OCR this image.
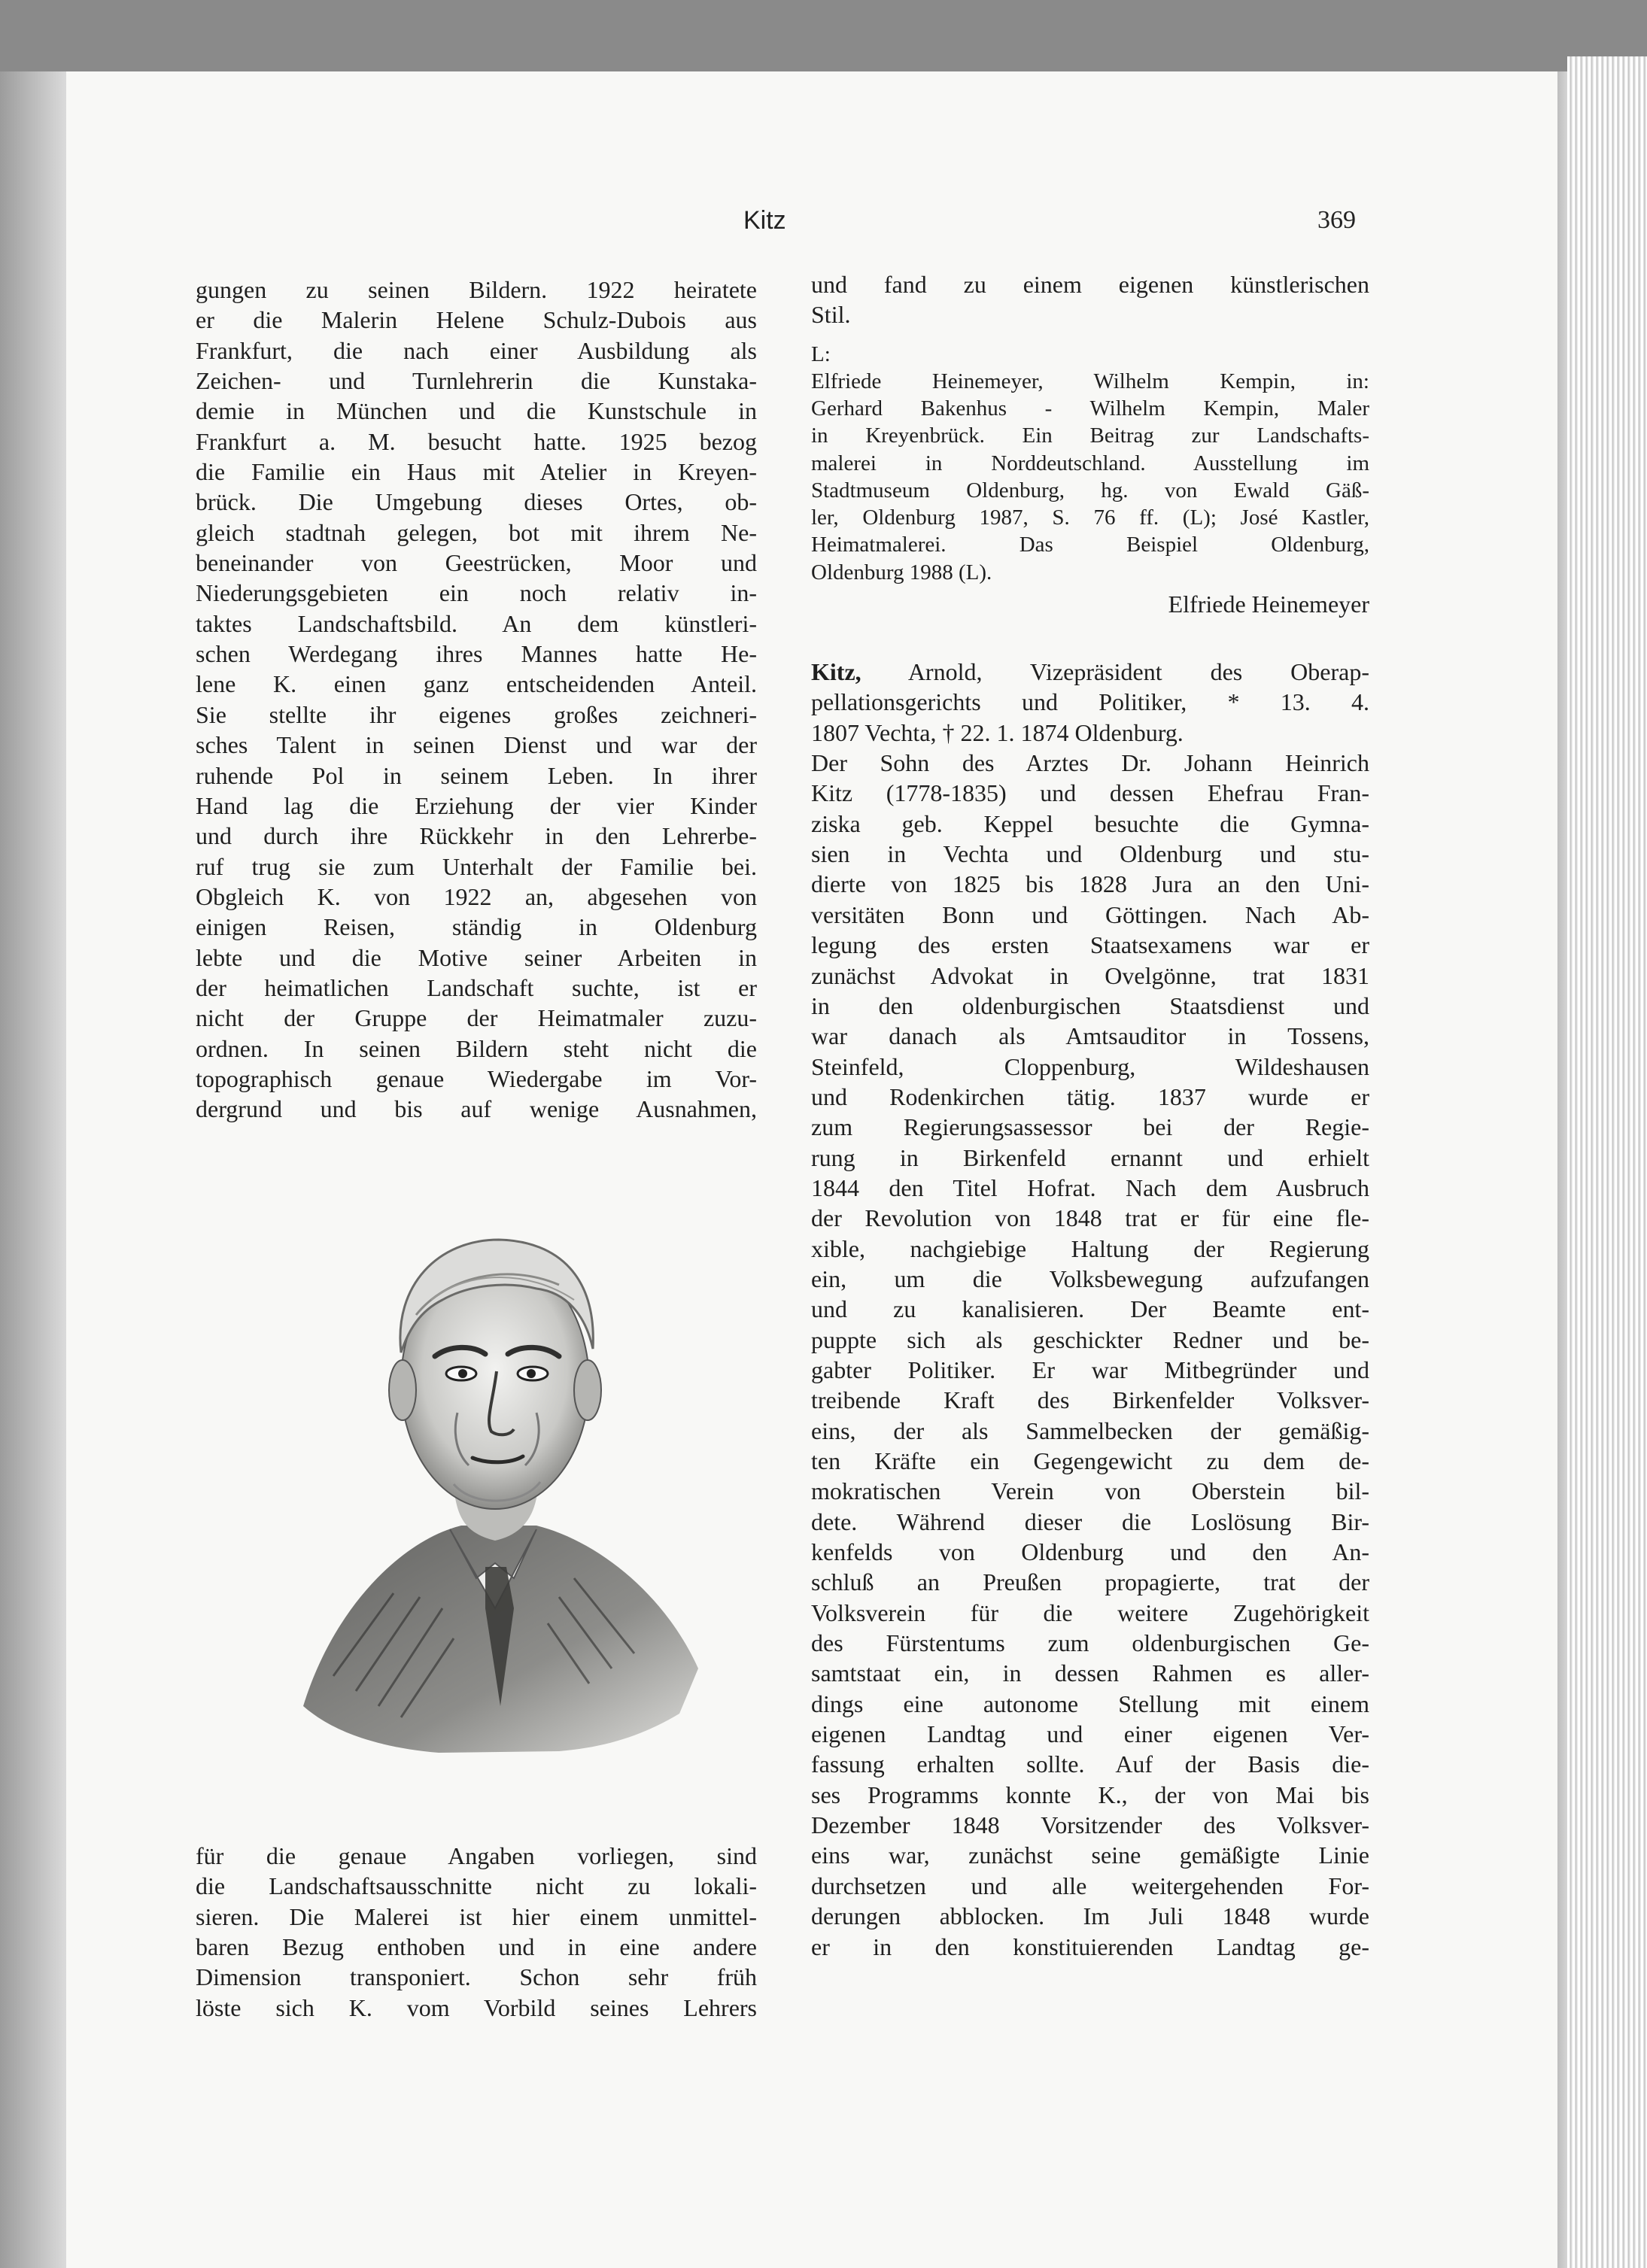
Kitz	369

gungen zu seinen Bildern. 1922 heiratete

er die Malerin Helene Schulz-Dubois aus

Frankfurt, die nach einer Ausbildung als

Zeichen- und Turnlehrerin die Kunstaka-

demie in München und die Kunstschule in

Frankfurt a. M. besucht hatte. 1925 bezog

die Familie ein Haus mit Atelier in Kreyen-

brück. Die Umgebung dieses Ortes, ob-

gleich stadtnah gelegen, bot mit ihrem Ne-

beneinander von Geestrücken, Moor und

Niederungsgebieten ein noch relativ in-

taktes Landschaftsbild. An dem künstleri-

schen Werdegang ihres Mannes hatte He-

lene K. einen ganz entscheidenden Anteil.

Sie stellte ihr eigenes großes zeichneri-

sches Talent in seinen Dienst und war der

ruhende Pol in seinem Leben. In ihrer

Hand lag die Erziehung der vier Kinder

und durch ihre Rückkehr in den Lehrerbe-

ruf trug sie zum Unterhalt der Familie bei.

Obgleich K. von 1922 an, abgesehen von

einigen Reisen, ständig in Oldenburg

lebte und die Motive seiner Arbeiten in

der heimatlichen Landschaft suchte, ist er

nicht der Gruppe der Heimatmaler zuzu-

ordnen. In seinen Bildern steht nicht die

topographisch genaue Wiedergabe im Vor-

dergrund und bis auf wenige Ausnahmen,

für die genaue Angaben vorliegen, sind

die Landschaftsausschnitte nicht zu lokali-

sieren. Die Malerei ist hier einem unmittel-

baren Bezug enthoben und in eine andere

Dimension transponiert. Schon sehr früh

löste sich K. vom Vorbild seines Lehrers

und fand zu einem eigenen künstlerischen

Stil.

L:

Elfriede Heinemeyer, Wilhelm Kempin, in:

Gerhard Bakenhus - Wilhelm Kempin, Maler

in Kreyenbrück. Ein Beitrag zur Landschafts-

malerei in Norddeutschland. Ausstellung im

Stadtmuseum Oldenburg, hg. von Ewald Gäß-

ler, Oldenburg 1987, S. 76 ff. (L); José Kastler,

Heimatmalerei. Das Beispiel Oldenburg,

Oldenburg 1988 (L).

Elfriede Heinemeyer

Kitz, Arnold, Vizepräsident des Oberap-

pellationsgerichts und Politiker, * 13. 4.

1807 Vechta, † 22. 1. 1874 Oldenburg.

Der Sohn des Arztes Dr. Johann Heinrich

Kitz (1778-1835) und dessen Ehefrau Fran-

ziska geb. Keppel besuchte die Gymna-

sien in Vechta und Oldenburg und stu-

dierte von 1825 bis 1828 Jura an den Uni-

versitäten Bonn und Göttingen. Nach Ab-

legung des ersten Staatsexamens war er

zunächst Advokat in Ovelgönne, trat 1831

in den oldenburgischen Staatsdienst und

war danach als Amtsauditor in Tossens,

Steinfeld, Cloppenburg, Wildeshausen

und Rodenkirchen tätig. 1837 wurde er

zum Regierungsassessor bei der Regie-

rung in Birkenfeld ernannt und erhielt

1844 den Titel Hofrat. Nach dem Ausbruch

der Revolution von 1848 trat er für eine fle-

xible, nachgiebige Haltung der Regierung

ein, um die Volksbewegung aufzufangen

und zu kanalisieren. Der Beamte ent-

puppte sich als geschickter Redner und be-

gabter Politiker. Er war Mitbegründer und

treibende Kraft des Birkenfelder Volksver-

eins, der als Sammelbecken der gemäßig-

ten Kräfte ein Gegengewicht zu dem de-

mokratischen Verein von Oberstein bil-

dete. Während dieser die Loslösung Bir-

kenfelds von Oldenburg und den An-

schluß an Preußen propagierte, trat der

Volksverein für die weitere Zugehörigkeit

des Fürstentums zum oldenburgischen Ge-

samtstaat ein, in dessen Rahmen es aller-

dings eine autonome Stellung mit einem

eigenen Landtag und einer eigenen Ver-

fassung erhalten sollte. Auf der Basis die-

ses Programms konnte K., der von Mai bis

Dezember 1848 Vorsitzender des Volksver-

eins war, zunächst seine gemäßigte Linie

durchsetzen und alle weitergehenden For-

derungen abblocken. Im Juli 1848 wurde

er in den konstituierenden Landtag ge-
